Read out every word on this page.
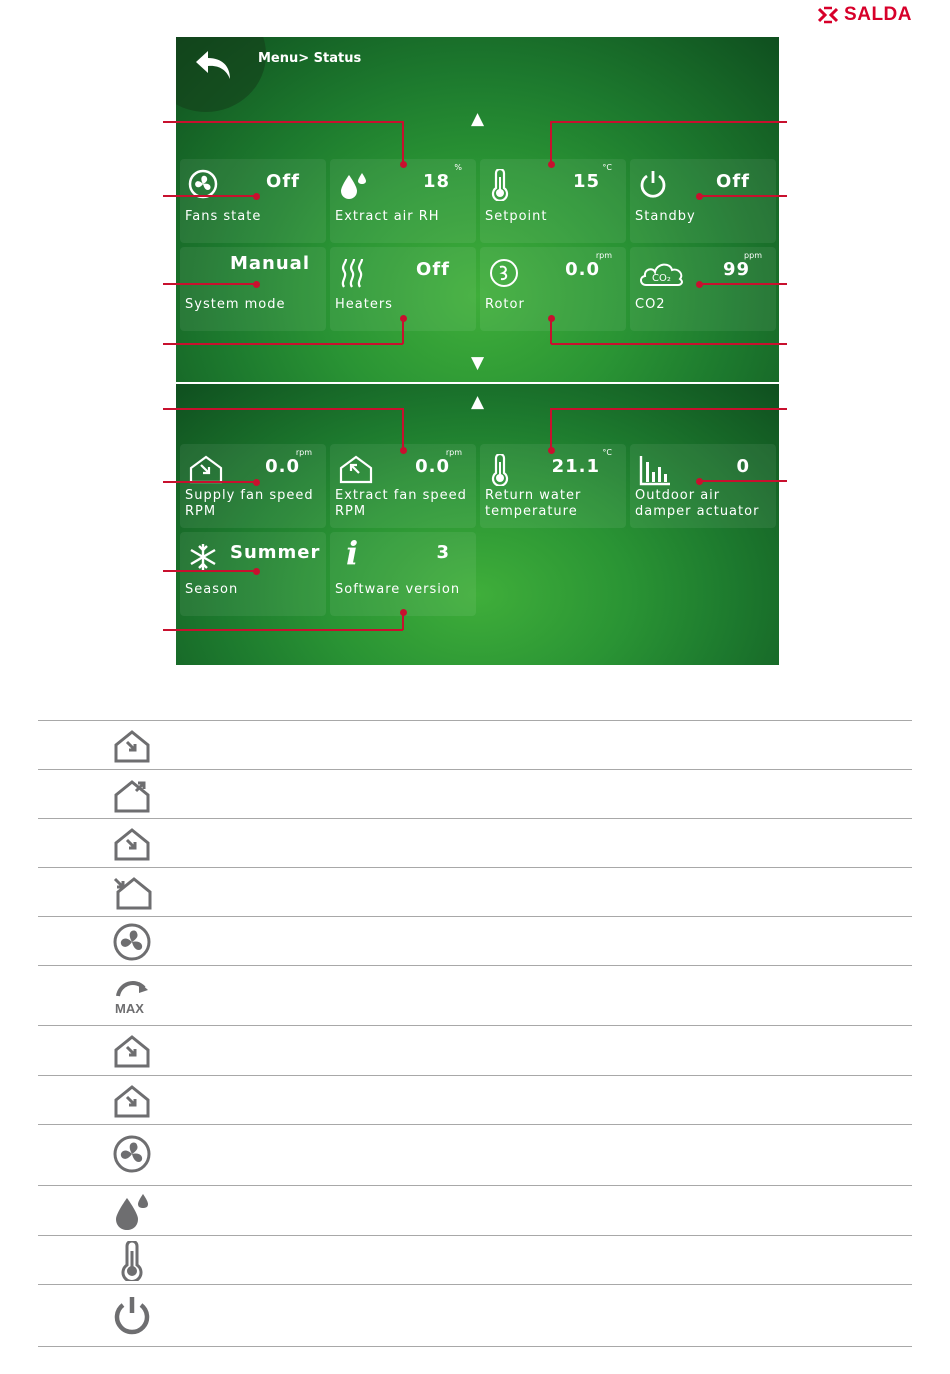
SALDA
Menu> Status
▲
Off
Fans state
%
18
Extract air RH
°C
15
Setpoint
Off
Standby
Manual
System mode
Off
Heaters
rpm
0.0
Rotor
CO₂
ppm
99
CO2
▼
▲
rpm
0.0
Supply fan speed
RPM
rpm
0.0
Extract fan speed
RPM
°C
21.1
Return water
temperature
0
Outdoor air
damper actuator
Summer
Season
i	3
Software version
MAX
